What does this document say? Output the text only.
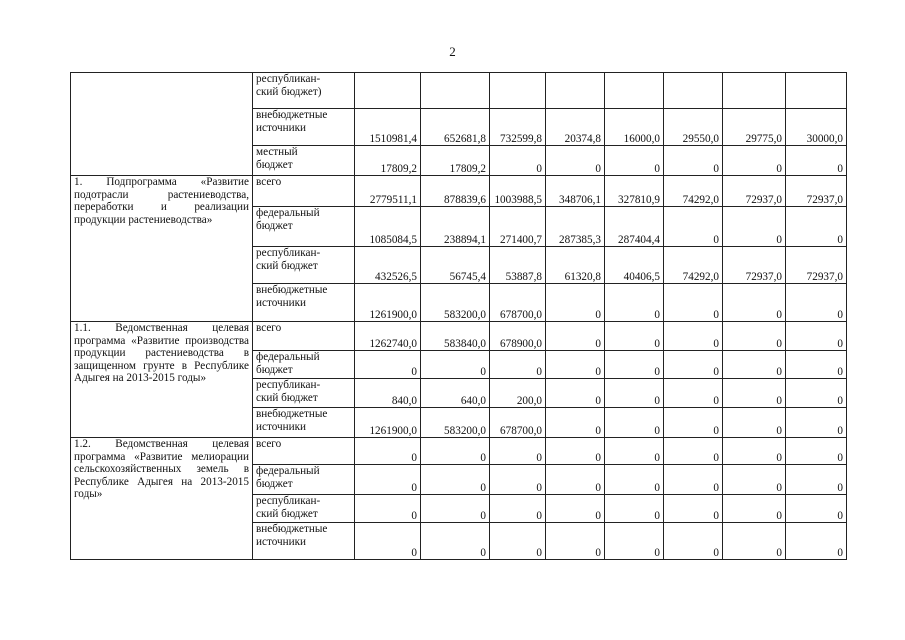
2
	республикан-
ский бюджет)								
	внебюджетные
источники	1510981,4	652681,8	732599,8	20374,8	16000,0	29550,0	29775,0	30000,0
	местный
бюджет	17809,2	17809,2	0	0	0	0	0	0
1. Подпрограмма «Развитие подотрасли растениеводства, переработки и реализации продукции растениеводства»	всего	2779511,1	878839,6	1003988,5	348706,1	327810,9	74292,0	72937,0	72937,0
	федеральный
бюджет	1085084,5	238894,1	271400,7	287385,3	287404,4	0	0	0
	республикан-
ский бюджет	432526,5	56745,4	53887,8	61320,8	40406,5	74292,0	72937,0	72937,0
	внебюджетные
источники	1261900,0	583200,0	678700,0	0	0	0	0	0
1.1. Ведомственная целевая программа «Развитие производства продукции растениеводства в защищенном грунте в Республике Адыгея на 2013-2015 годы»	всего	1262740,0	583840,0	678900,0	0	0	0	0	0
	федеральный
бюджет	0	0	0	0	0	0	0	0
	республикан-
ский бюджет	840,0	640,0	200,0	0	0	0	0	0
	внебюджетные
источники	1261900,0	583200,0	678700,0	0	0	0	0	0
1.2. Ведомственная целевая программа «Развитие мелиорации сельскохозяйственных земель в Республике Адыгея на 2013-2015 годы»	всего	0	0	0	0	0	0	0	0
	федеральный
бюджет	0	0	0	0	0	0	0	0
	республикан-
ский бюджет	0	0	0	0	0	0	0	0
	внебюджетные
источники	0	0	0	0	0	0	0	0
